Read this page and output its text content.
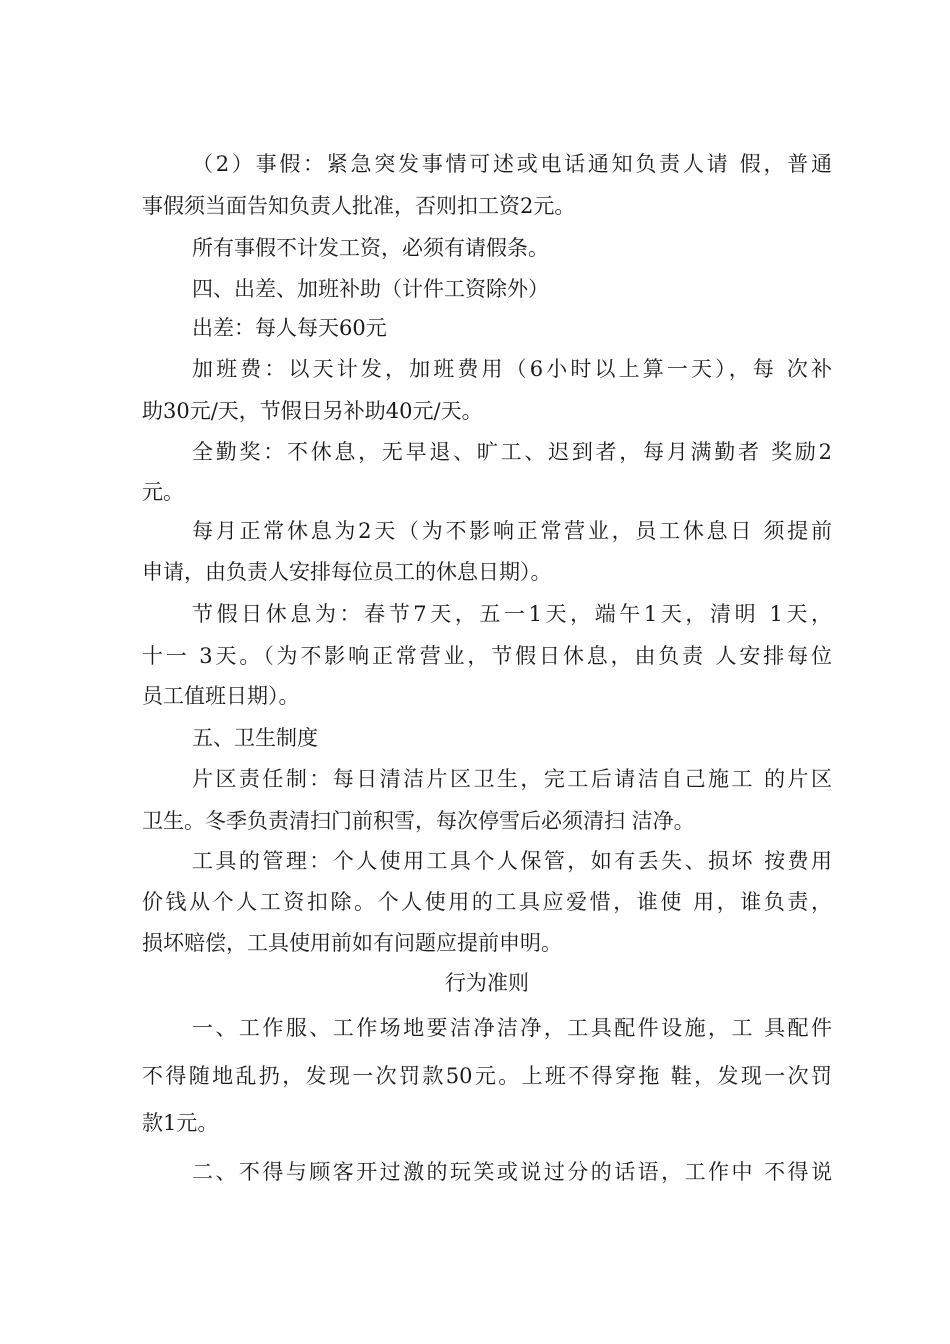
（2）事假：紧急突发事情可述或电话通知负责人请 假，普通
事假须当面告知负责人批准，否则扣工资2元。
所有事假不计发工资，必须有请假条。
四、出差、加班补助（计件工资除外）
出差：每人每天60元
加班费：以天计发，加班费用（6小时以上算一天），每 次补
助30元/天，节假日另补助40元/天。
全勤奖：不休息，无早退、旷工、迟到者，每月满勤者 奖励2
元。
每月正常休息为2天（为不影响正常营业，员工休息日 须提前
申请，由负责人安排每位员工的休息日期）。
节假日休息为：春节7天，五一1天，端午1天，清明 1天，
十一 3天。（为不影响正常营业，节假日休息，由负责 人安排每位
员工值班日期）。
五、卫生制度
片区责任制：每日清洁片区卫生，完工后请洁自己施工 的片区
卫生。冬季负责清扫门前积雪，每次停雪后必须清扫 洁净。
工具的管理：个人使用工具个人保管，如有丢失、损坏 按费用
价钱从个人工资扣除。个人使用的工具应爱惜，谁使 用，谁负责，
损坏赔偿，工具使用前如有问题应提前申明。
行为准则
一、工作服、工作场地要洁净洁净，工具配件设施，工 具配件
不得随地乱扔，发现一次罚款50元。上班不得穿拖 鞋，发现一次罚
款1元。
二、不得与顾客开过激的玩笑或说过分的话语，工作中 不得说
